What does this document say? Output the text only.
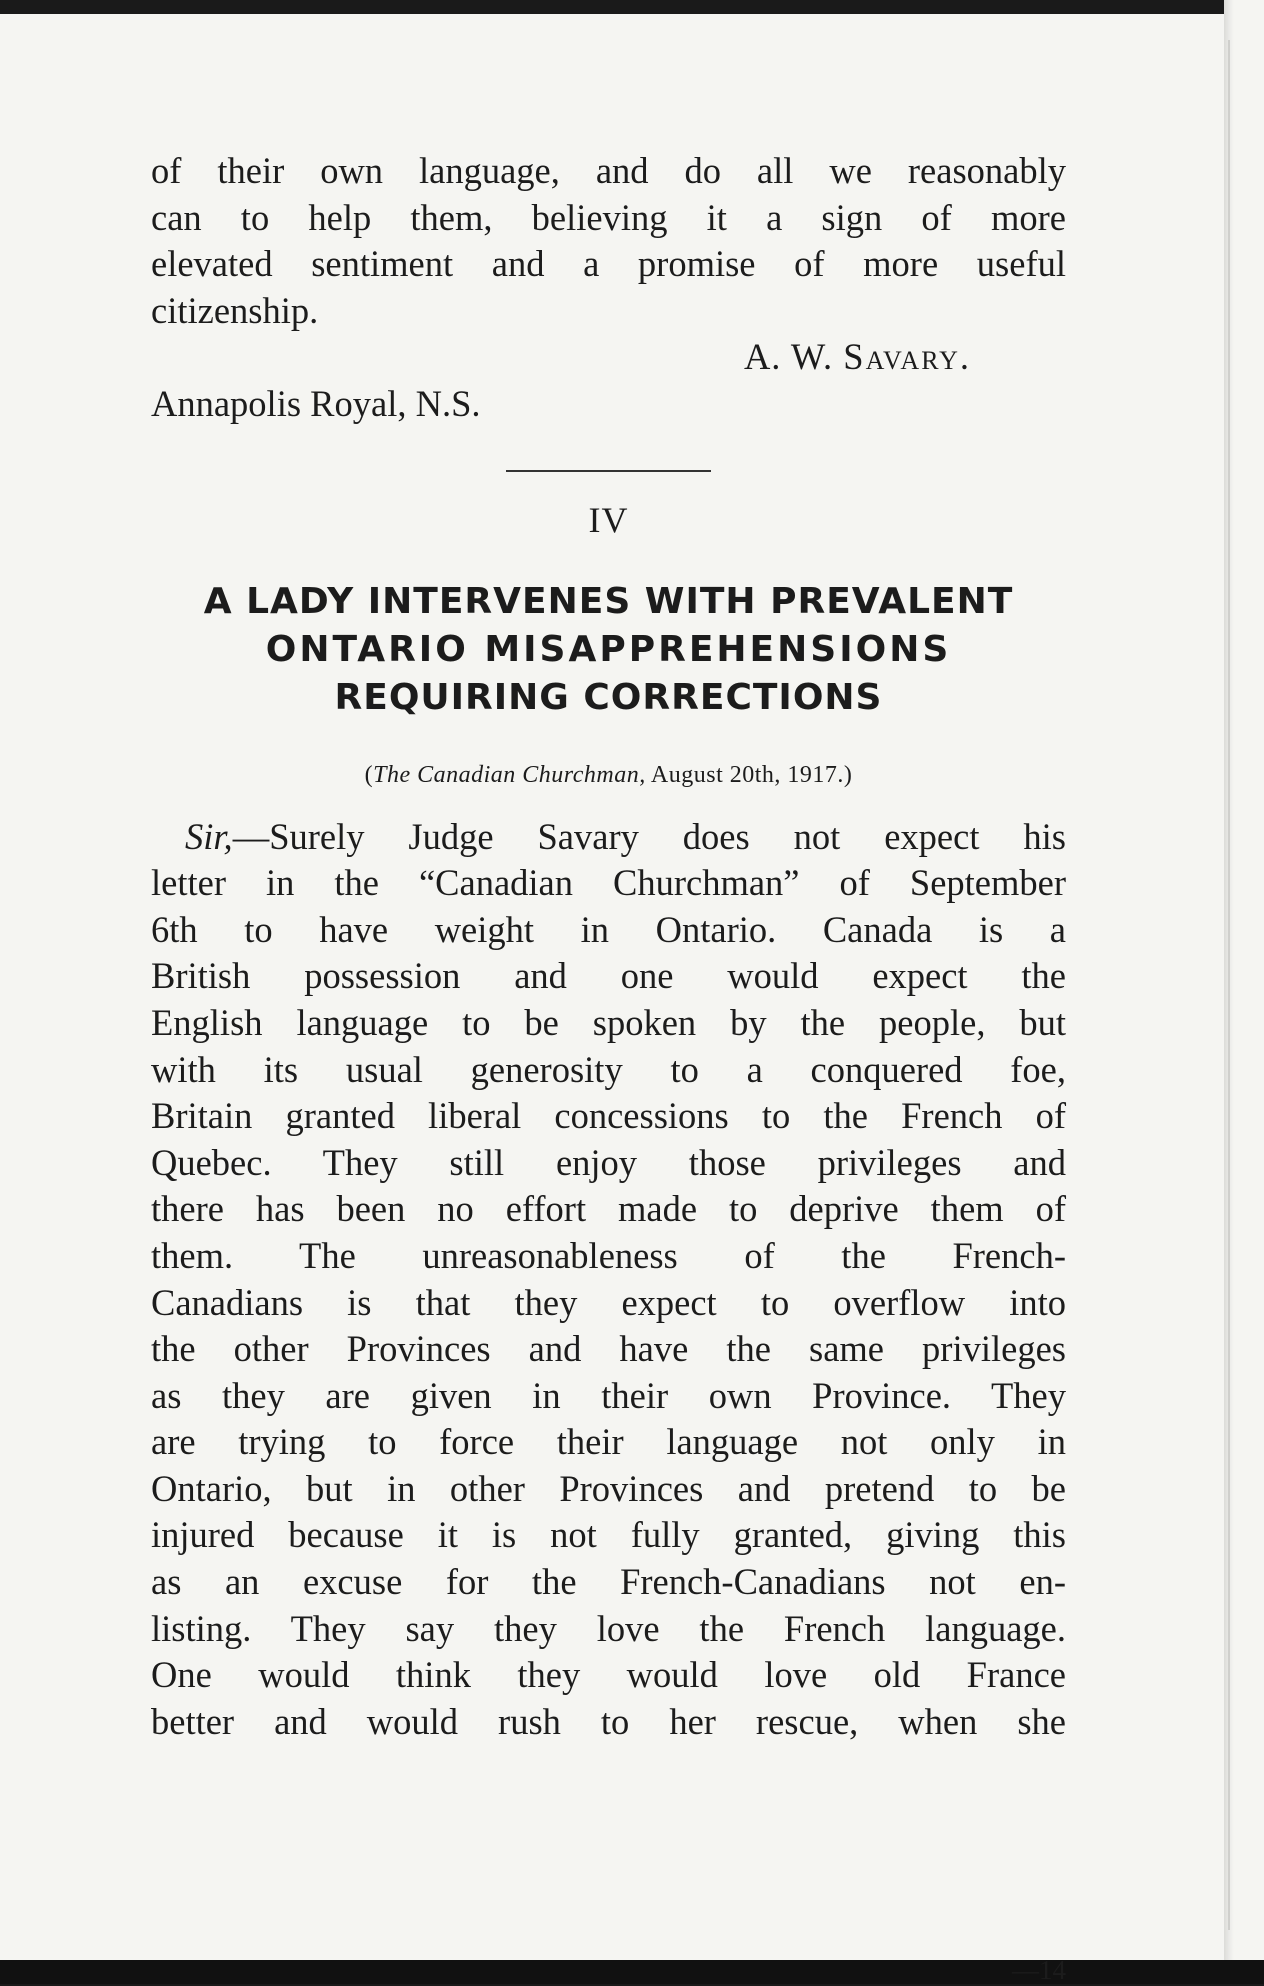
of their own language, and do all we reasonably
can to help them, believing it a sign of more
elevated sentiment and a promise of more useful
citizenship.

A. W. Savary.

Annapolis Royal, N.S.

IV
A LADY INTERVENES WITH PREVALENT
ONTARIO MISAPPREHENSIONS
REQUIRING CORRECTIONS
(The Canadian Churchman, August 20th, 1917.)
Sir,—Surely Judge Savary does not expect his
letter in the “Canadian Churchman” of September
6th to have weight in Ontario. Canada is a
British possession and one would expect the
English language to be spoken by the people, but
with its usual generosity to a conquered foe,
Britain granted liberal concessions to the French of
Quebec. They still enjoy those privileges and
there has been no effort made to deprive them of
them. The unreasonableness of the French-
Canadians is that they expect to overflow into
the other Provinces and have the same privileges
as they are given in their own Province. They
are trying to force their language not only in
Ontario, but in other Provinces and pretend to be
injured because it is not fully granted, giving this
as an excuse for the French-Canadians not en-
listing. They say they love the French language.
One would think they would love old France
better and would rush to her rescue, when she
—14
